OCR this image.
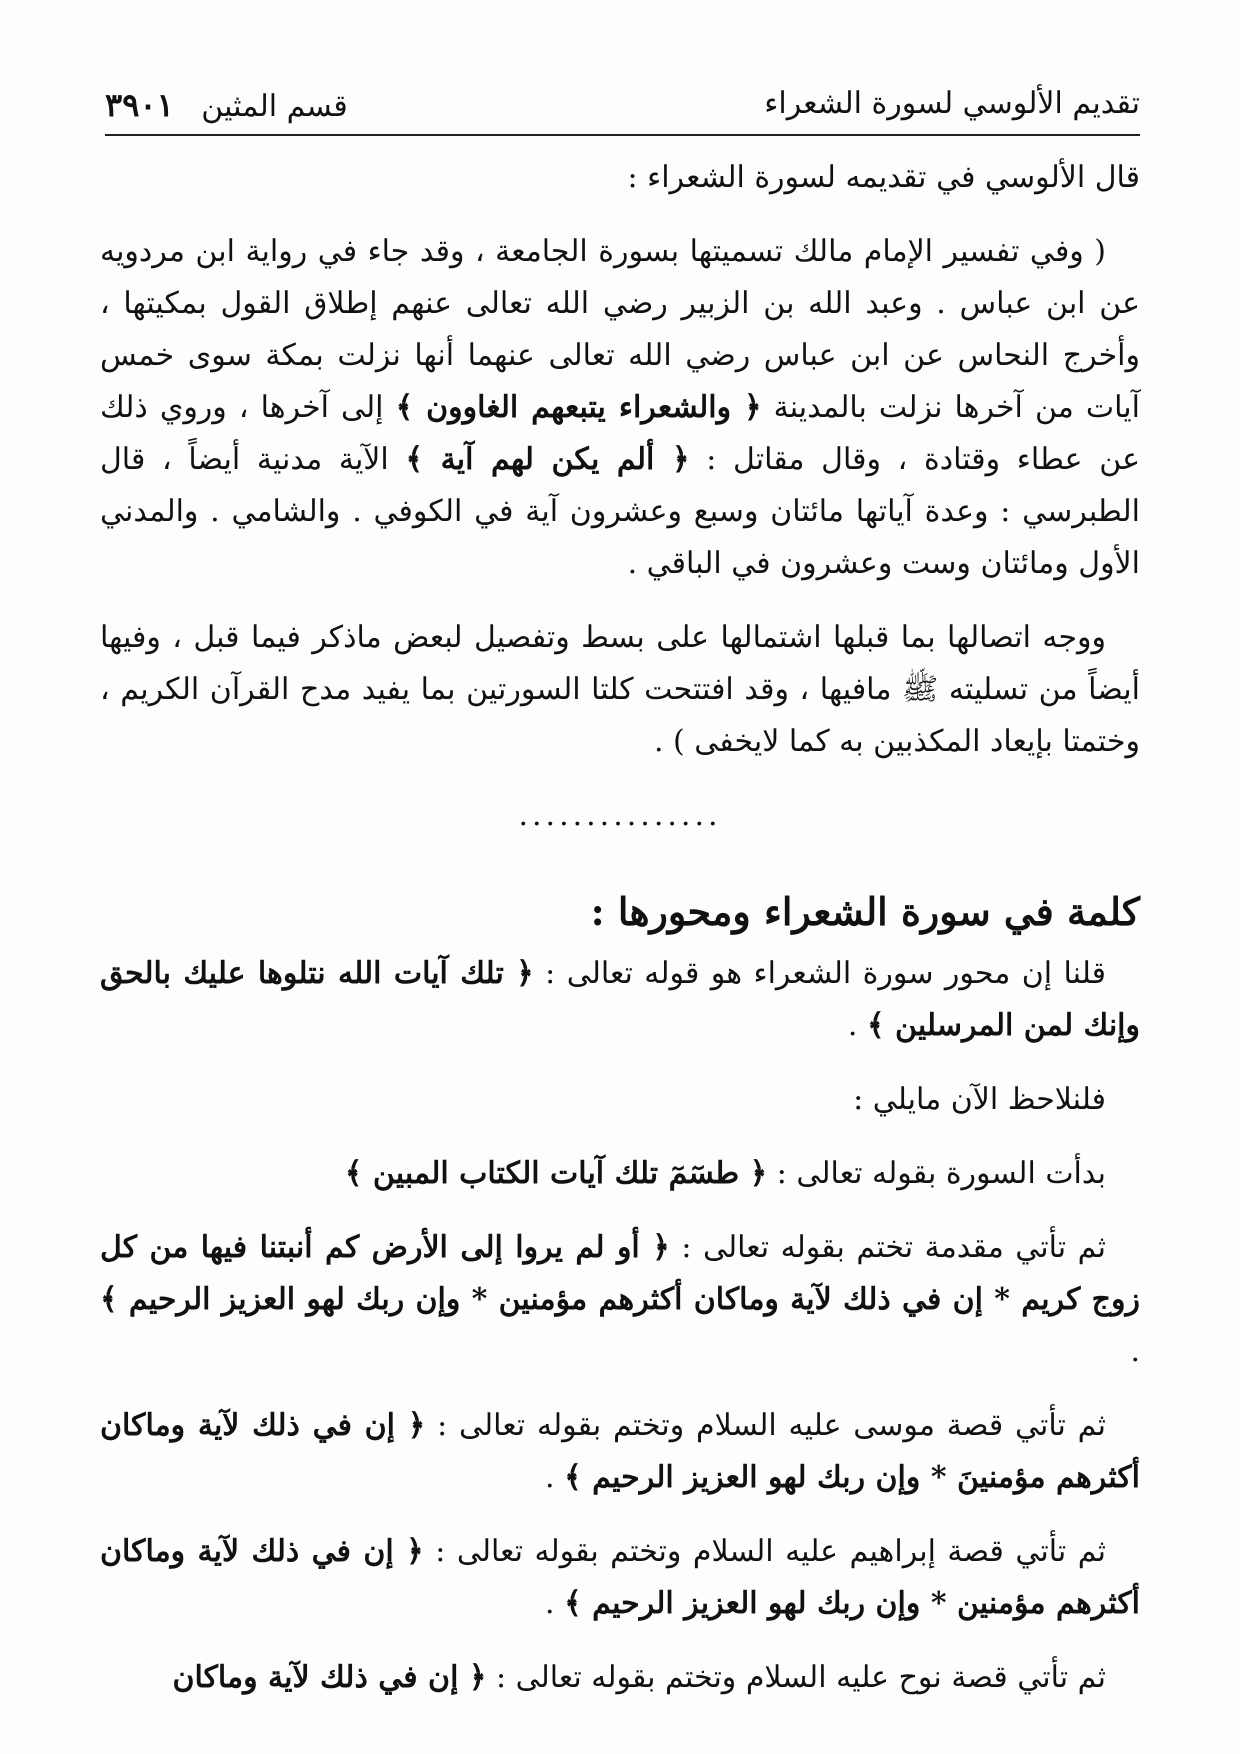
تقديم الألوسي لسورة الشعراء
قسم المثين ٣٩٠١

قال الألوسي في تقديمه لسورة الشعراء :

( وفي تفسير الإمام مالك تسميتها بسورة الجامعة ، وقد جاء في رواية ابن مردويه عن ابن عباس . وعبد الله بن الزبير رضي الله تعالى عنهم إطلاق القول بمكيتها ، وأخرج النحاس عن ابن عباس رضي الله تعالى عنهما أنها نزلت بمكة سوى خمس آيات من آخرها نزلت بالمدينة ﴿ والشعراء يتبعهم الغاوون ﴾ إلى آخرها ، وروي ذلك عن عطاء وقتادة ، وقال مقاتل : ﴿ ألم يكن لهم آية ﴾ الآية مدنية أيضاً ، قال الطبرسي : وعدة آياتها مائتان وسبع وعشرون آية في الكوفي . والشامي . والمدني الأول ومائتان وست وعشرون في الباقي .

ووجه اتصالها بما قبلها اشتمالها على بسط وتفصيل لبعض ماذكر فيما قبل ، وفيها أيضاً من تسليته ﷺ مافيها ، وقد افتتحت كلتا السورتين بما يفيد مدح القرآن الكريم ، وختمتا بإيعاد المكذبين به كما لايخفى ) .

...............
كلمة في سورة الشعراء ومحورها :

قلنا إن محور سورة الشعراء هو قوله تعالى : ﴿ تلك آيات الله نتلوها عليك بالحق وإنك لمن المرسلين ﴾ .

فلنلاحظ الآن مايلي :

بدأت السورة بقوله تعالى : ﴿ طسٓمٓ تلك آيات الكتاب المبين ﴾

ثم تأتي مقدمة تختم بقوله تعالى : ﴿ أو لم يروا إلى الأرض كم أنبتنا فيها من كل زوج كريم * إن في ذلك لآية وماكان أكثرهم مؤمنين * وإن ربك لهو العزيز الرحيم ﴾ .

ثم تأتي قصة موسى عليه السلام وتختم بقوله تعالى : ﴿ إن في ذلك لآية وماكان أكثرهم مؤمنينَ * وإن ربك لهو العزيز الرحيم ﴾ .

ثم تأتي قصة إبراهيم عليه السلام وتختم بقوله تعالى : ﴿ إن في ذلك لآية وماكان أكثرهم مؤمنين * وإن ربك لهو العزيز الرحيم ﴾ .

ثم تأتي قصة نوح عليه السلام وتختم بقوله تعالى : ﴿ إن في ذلك لآية وماكان
